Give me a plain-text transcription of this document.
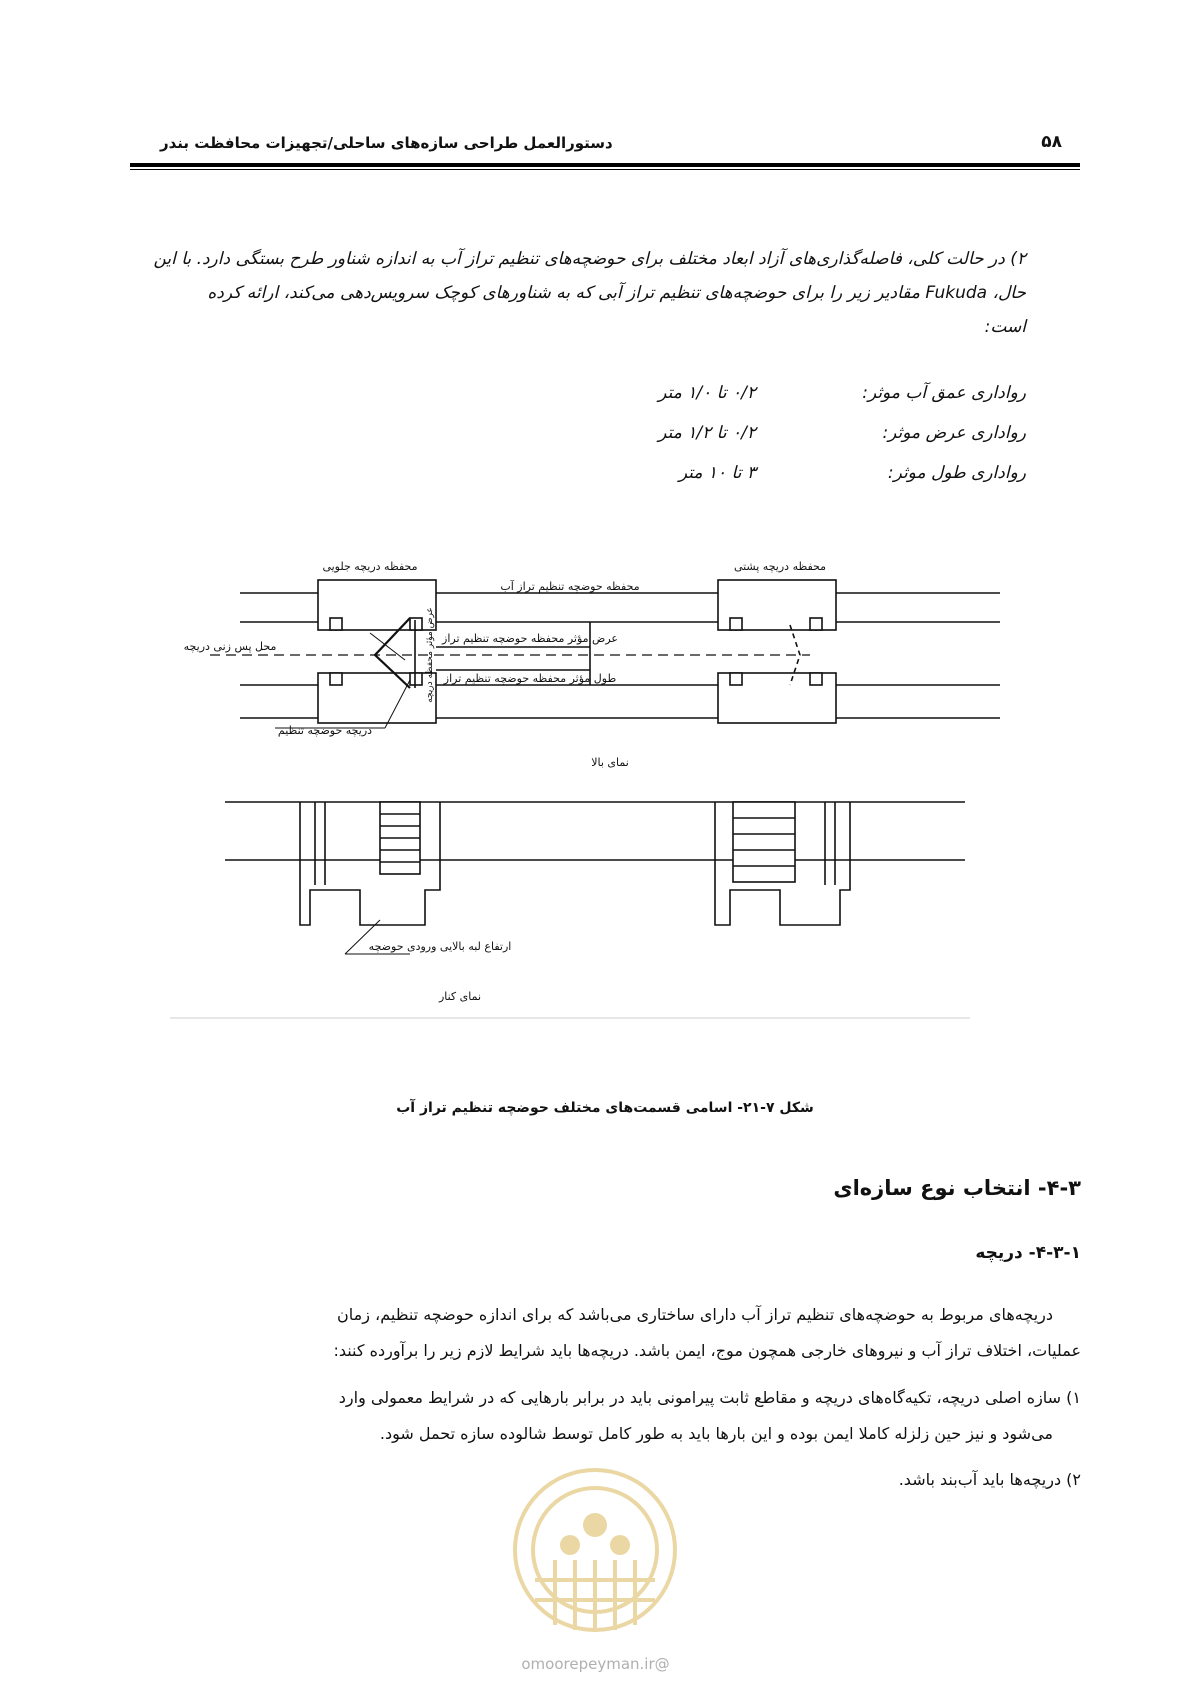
دستورالعمل طراحی سازه‌های ساحلی/تجهیزات محافظت بندر	۵۸
۲) در حالت کلی، فاصله‌گذاری‌های آزاد ابعاد مختلف برای حوضچه‌های تنظیم تراز آب به اندازه شناور طرح بستگی دارد. با این
حال، Fukuda مقادیر زیر را برای حوضچه‌های تنظیم تراز آبی که به شناورهای کوچک سرویس‌دهی می‌کند، ارائه کرده
است:
رواداری عمق آب موثر:
۰/۲ تا ۱/۰ متر
رواداری عرض موثر:
۰/۲ تا ۱/۲ متر
رواداری طول موثر:
۳ تا ۱۰ متر
محفظه دریچه جلویی	محفظه دریچه پشتی
محفظه حوضچه تنظیم تراز آب
عرض مؤثر محفظه حوضچه تنظیم تراز
طول مؤثر محفظه حوضچه تنظیم تراز
محل پس زنی دریچه	عرض مؤثر محفظه دریچه
دریچه حوضچه تنظیم
نمای بالا
ارتفاع لبه بالایی ورودی حوضچه
نمای کنار
شکل ۷-۲۱- اسامی قسمت‌های مختلف حوضچه تنظیم تراز آب
۴-۳- انتخاب نوع سازه‌ای
۴-۳-۱- دریچه
دریچه‌های مربوط به حوضچه‌های تنظیم تراز آب دارای ساختاری می‌باشد که برای اندازه حوضچه تنظیم، زمان
عملیات، اختلاف تراز آب و نیروهای خارجی همچون موج، ایمن باشد. دریچه‌ها باید شرایط لازم زیر را برآورده کنند:
۱) سازه اصلی دریچه، تکیه‌گاه‌های دریچه و مقاطع ثابت پیرامونی باید در برابر بارهایی که در شرایط معمولی وارد
می‌شود و نیز حین زلزله کاملا ایمن بوده و این بارها باید به طور کامل توسط شالوده سازه تحمل شود.
۲) دریچه‌ها باید آب‌بند باشد.
@omoorepeyman.ir
